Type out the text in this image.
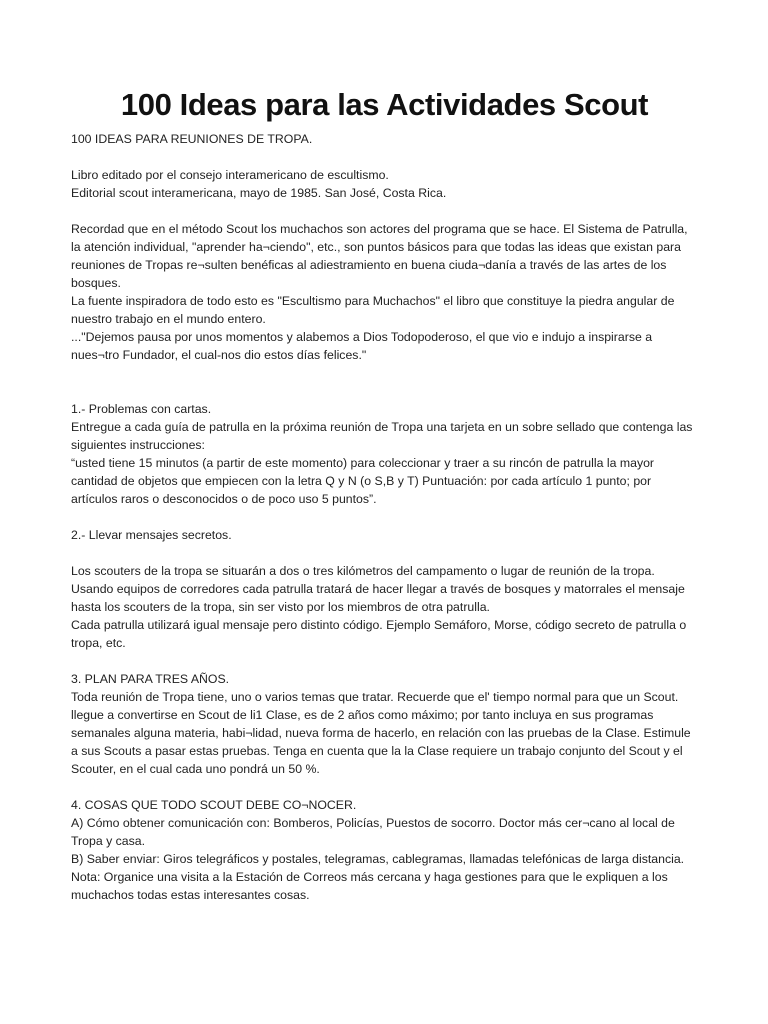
100 Ideas para las Actividades Scout

100 IDEAS PARA REUNIONES DE TROPA.

Libro editado por el consejo interamericano de escultismo.

Editorial scout interamericana, mayo de 1985. San José, Costa Rica.

Recordad que en el método Scout los muchachos son actores del programa que se hace. El Sistema de Patrulla, la atención individual, "aprender ha¬ciendo", etc., son puntos básicos para que todas las ideas que existan para reuniones de Tropas re¬sulten benéficas al adiestramiento en buena ciuda¬danía a través de las artes de los bosques.

La fuente inspiradora de todo esto es "Escultismo para Muchachos" el libro que constituye la piedra angular de nuestro trabajo en el mundo entero.

..."Dejemos pausa por unos momentos y alabemos a Dios Todopoderoso, el que vio e indujo a inspirarse a nues¬tro Fundador, el cual-nos dio estos días felices."

1.- Problemas con cartas.

Entregue a cada guía de patrulla en la próxima reunión de Tropa una tarjeta en un sobre sellado que contenga las siguientes instrucciones:

“usted tiene 15 minutos (a partir de este momento) para coleccionar y traer a su rincón de patrulla la mayor cantidad de objetos que empiecen con la letra Q y N (o S,B y T) Puntuación: por cada artículo 1 punto; por artículos raros o desconocidos o de poco uso 5 puntos”.

2.- Llevar mensajes secretos.

Los scouters de la tropa se situarán a dos o tres kilómetros del campamento o lugar de reunión de la tropa. Usando equipos de corredores cada patrulla tratará de hacer llegar a través de bosques y matorrales el mensaje hasta los scouters de la tropa, sin ser visto por los miembros de otra patrulla.

Cada patrulla utilizará igual mensaje pero distinto código. Ejemplo Semáforo, Morse, código secreto de patrulla o tropa, etc.

3. PLAN PARA TRES AÑOS.

Toda reunión de Tropa tiene, uno o varios temas que tratar. Recuerde que el' tiempo normal para que un Scout. llegue a convertirse en Scout de li1 Clase, es de 2 años como máximo; por tanto incluya en sus programas semanales alguna materia, habi¬lidad, nueva forma de hacerlo, en relación con las pruebas de la Clase. Estimule a sus Scouts a pasar estas pruebas. Tenga en cuenta que la la Clase requiere un trabajo conjunto del Scout y el Scouter, en el cual cada uno pondrá un 50 %.

4. COSAS QUE TODO SCOUT DEBE CO¬NOCER.

A) Cómo obtener comunicación con: Bomberos, Policías, Puestos de socorro. Doctor más cer¬cano al local de Tropa y casa.

B) Saber enviar: Giros telegráficos y postales, telegramas, cablegramas, llamadas telefónicas de larga distancia.

Nota: Organice una visita a la Estación de Correos más cercana y haga gestiones para que le expliquen a los muchachos todas estas interesantes cosas.
